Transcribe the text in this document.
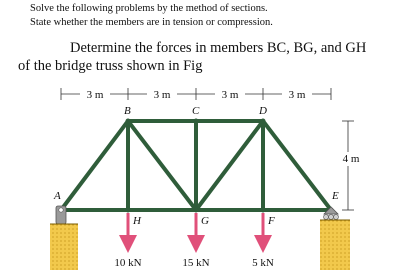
Solve the following problems by the method of sections.
State whether the members are in tension or compression.
Determine the forces in members BC, BG, and GH
of the bridge truss shown in Fig
3 m	3 m	3 m	3 m
4 m
A
B	C	D
E
F
G
H
10 kN	15 kN	5 kN
